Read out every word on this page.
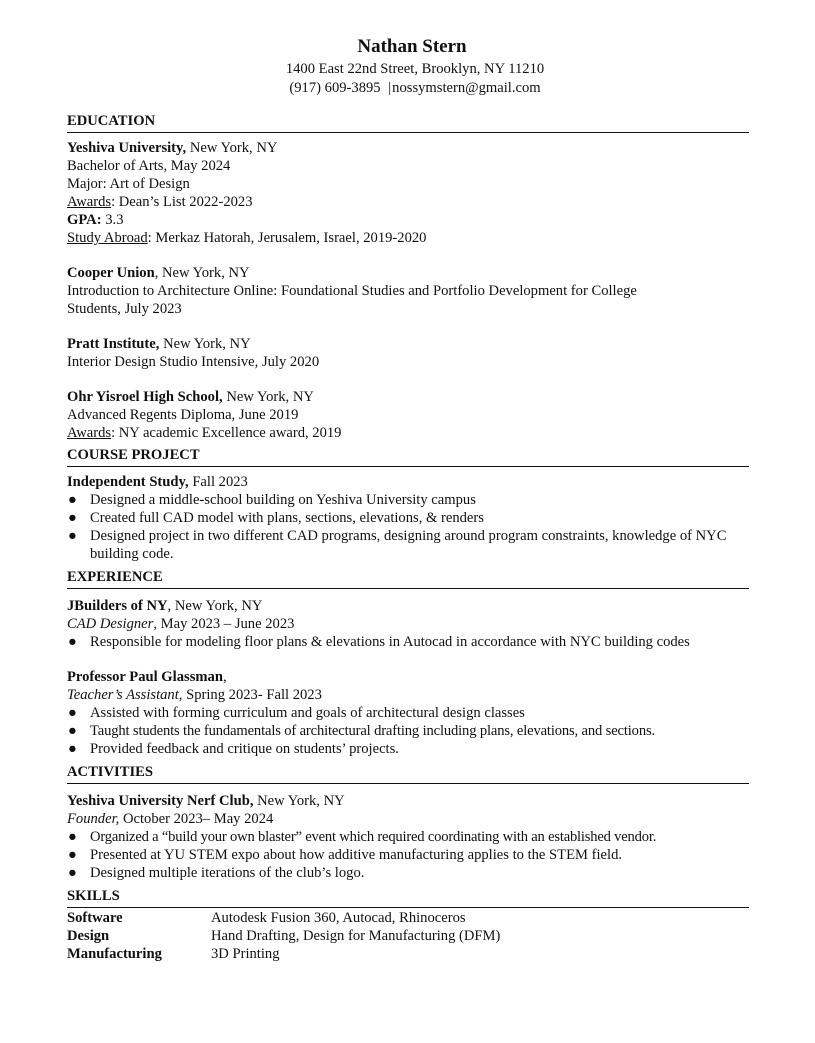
Nathan Stern
1400 East 22nd Street, Brooklyn, NY 11210
(917) 609-3895 |nossymstern@gmail.com
EDUCATION
Yeshiva University, New York, NY
Bachelor of Arts, May 2024
Major: Art of Design
Awards: Dean’s List 2022-2023
GPA: 3.3
Study Abroad: Merkaz Hatorah, Jerusalem, Israel, 2019-2020
Cooper Union, New York, NY
Introduction to Architecture Online: Foundational Studies and Portfolio Development for College
Students, July 2023
Pratt Institute, New York, NY
Interior Design Studio Intensive, July 2020
Ohr Yisroel High School, New York, NY
Advanced Regents Diploma, June 2019
Awards: NY academic Excellence award, 2019
COURSE PROJECT
Independent Study, Fall 2023
● Designed a middle-school building on Yeshiva University campus
● Created full CAD model with plans, sections, elevations, & renders
● Designed project in two different CAD programs, designing around program constraints, knowledge of NYC building code.
EXPERIENCE
JBuilders of NY, New York, NY
CAD Designer, May 2023 – June 2023
● Responsible for modeling floor plans & elevations in Autocad in accordance with NYC building codes
Professor Paul Glassman,
Teacher’s Assistant, Spring 2023- Fall 2023
● Assisted with forming curriculum and goals of architectural design classes
● Taught students the fundamentals of architectural drafting including plans, elevations, and sections.
● Provided feedback and critique on students’ projects.
ACTIVITIES
Yeshiva University Nerf Club, New York, NY
Founder, October 2023– May 2024
● Organized a “build your own blaster” event which required coordinating with an established vendor.
● Presented at YU STEM expo about how additive manufacturing applies to the STEM field.
● Designed multiple iterations of the club’s logo.
SKILLS
Software	Autodesk Fusion 360, Autocad, Rhinoceros
Design	Hand Drafting, Design for Manufacturing (DFM)
Manufacturing	3D Printing
